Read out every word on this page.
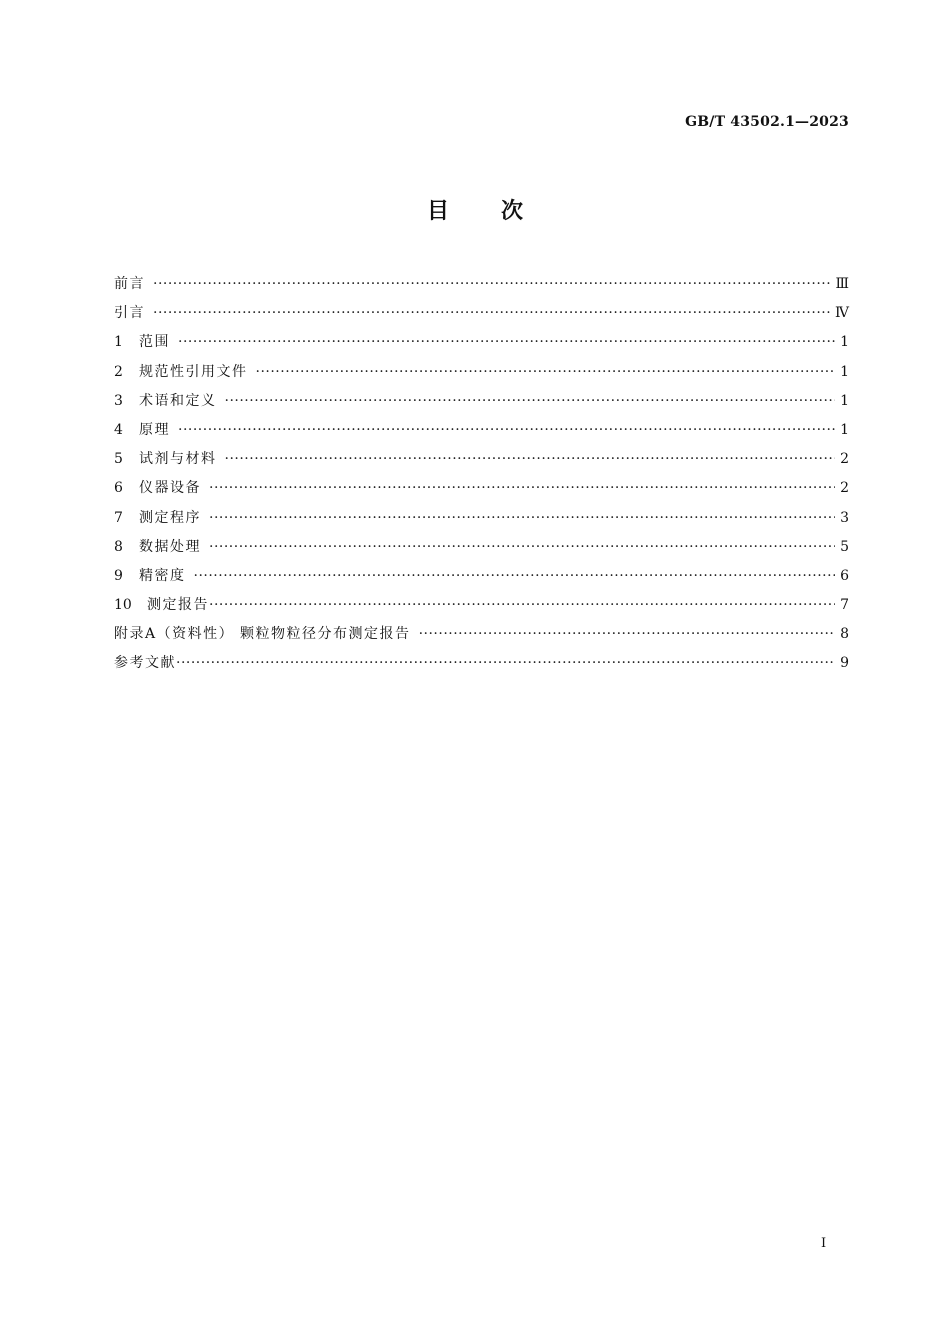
GB/T 43502.1—2023
目次
前言 ·····	Ⅲ
引言 ·····	Ⅳ
1	范围 ·····	1
2	规范性引用文件 ·····	1
3	术语和定义 ·····	1
4	原理 ·····	1
5	试剂与材料 ·····	2
6	仪器设备 ·····	2
7	测定程序 ·····	3
8	数据处理 ·····	5
9	精密度 ·····	6
10	测定报告 ·····	7
附录A（资料性） 颗粒物粒径分布测定报告 ·····	8
参考文献 ·····	9
I
